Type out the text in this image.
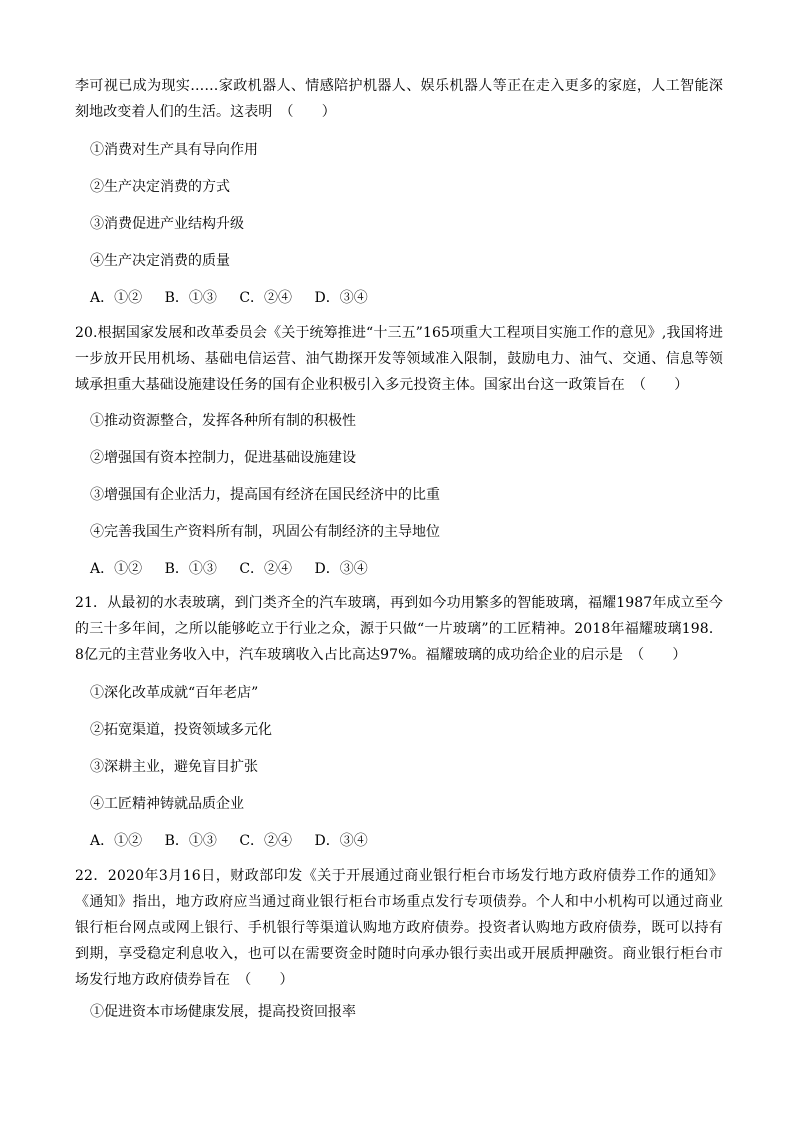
李可视已成为现实……家政机器人、情感陪护机器人、娱乐机器人等正在走入更多的家庭，人工智能深刻地改变着人们的生活。这表明　（　　）
①消费对生产具有导向作用
②生产决定消费的方式
③消费促进产业结构升级
④生产决定消费的质量
A．①② B．①③ C．②④ D．③④
20.根据国家发展和改革委员会《关于统筹推进“十三五”165项重大工程项目实施工作的意见》,我国将进一步放开民用机场、基础电信运营、油气勘探开发等领域准入限制，鼓励电力、油气、交通、信息等领域承担重大基础设施建设任务的国有企业积极引入多元投资主体。国家出台这一政策旨在　（　　）
①推动资源整合，发挥各种所有制的积极性
②增强国有资本控制力，促进基础设施建设
③增强国有企业活力，提高国有经济在国民经济中的比重
④完善我国生产资料所有制，巩固公有制经济的主导地位
A．①② B．①③ C．②④ D．③④
21．从最初的水表玻璃，到门类齐全的汽车玻璃，再到如今功用繁多的智能玻璃，福耀1987年成立至今的三十多年间，之所以能够屹立于行业之众，源于只做“一片玻璃”的工匠精神。2018年福耀玻璃198．8亿元的主营业务收入中，汽车玻璃收入占比高达97%。福耀玻璃的成功给企业的启示是　（　　）
①深化改革成就“百年老店”
②拓宽渠道，投资领域多元化
③深耕主业，避免盲目扩张
④工匠精神铸就品质企业
A．①② B．①③ C．②④ D．③④
22．2020年3月16日，财政部印发《关于开展通过商业银行柜台市场发行地方政府债券工作的通知》《通知》指出，地方政府应当通过商业银行柜台市场重点发行专项债券。个人和中小机构可以通过商业银行柜台网点或网上银行、手机银行等渠道认购地方政府债券。投资者认购地方政府债券，既可以持有到期，享受稳定利息收入，也可以在需要资金时随时向承办银行卖出或开展质押融资。商业银行柜台市场发行地方政府债券旨在　（　　）
①促进资本市场健康发展，提高投资回报率
